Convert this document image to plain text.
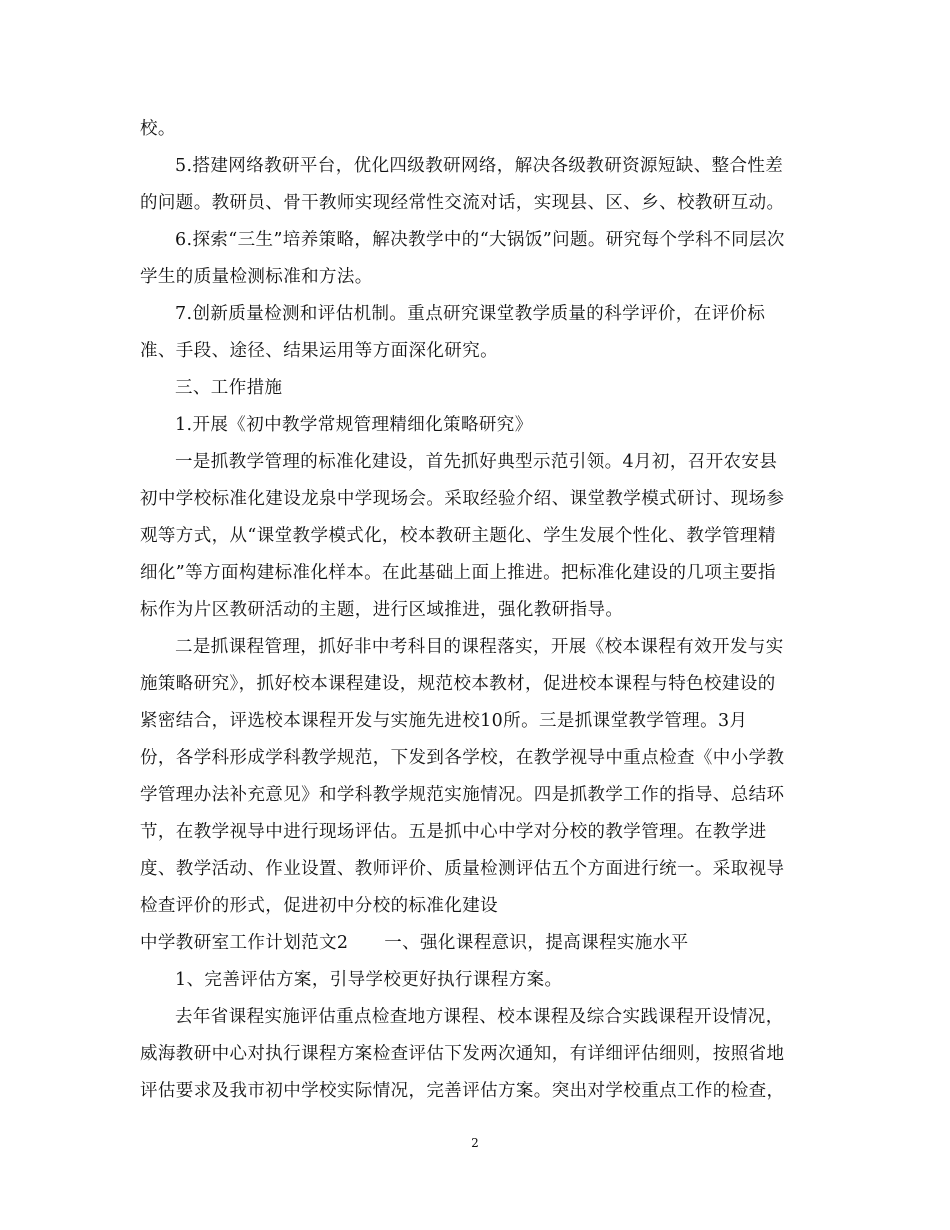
校。
5.搭建网络教研平台，优化四级教研网络，解决各级教研资源短缺、整合性差
的问题。教研员、骨干教师实现经常性交流对话，实现县、区、乡、校教研互动。
6.探索“三生”培养策略，解决教学中的“大锅饭”问题。研究每个学科不同层次
学生的质量检测标准和方法。
7.创新质量检测和评估机制。重点研究课堂教学质量的科学评价，在评价标
准、手段、途径、结果运用等方面深化研究。
三、工作措施
1.开展《初中教学常规管理精细化策略研究》
一是抓教学管理的标准化建设，首先抓好典型示范引领。4月初，召开农安县
初中学校标准化建设龙泉中学现场会。采取经验介绍、课堂教学模式研讨、现场参
观等方式，从“课堂教学模式化，校本教研主题化、学生发展个性化、教学管理精
细化”等方面构建标准化样本。在此基础上面上推进。把标准化建设的几项主要指
标作为片区教研活动的主题，进行区域推进，强化教研指导。
二是抓课程管理，抓好非中考科目的课程落实，开展《校本课程有效开发与实
施策略研究》，抓好校本课程建设，规范校本教材，促进校本课程与特色校建设的
紧密结合，评选校本课程开发与实施先进校10所。三是抓课堂教学管理。3月
份，各学科形成学科教学规范，下发到各学校，在教学视导中重点检查《中小学教
学管理办法补充意见》和学科教学规范实施情况。四是抓教学工作的指导、总结环
节，在教学视导中进行现场评估。五是抓中心中学对分校的教学管理。在教学进
度、教学活动、作业设置、教师评价、质量检测评估五个方面进行统一。采取视导
检查评价的形式，促进初中分校的标准化建设
中学教研室工作计划范文2　　一、强化课程意识，提高课程实施水平
1、完善评估方案，引导学校更好执行课程方案。
去年省课程实施评估重点检查地方课程、校本课程及综合实践课程开设情况，
威海教研中心对执行课程方案检查评估下发两次通知，有详细评估细则，按照省地
评估要求及我市初中学校实际情况，完善评估方案。突出对学校重点工作的检查，
2
